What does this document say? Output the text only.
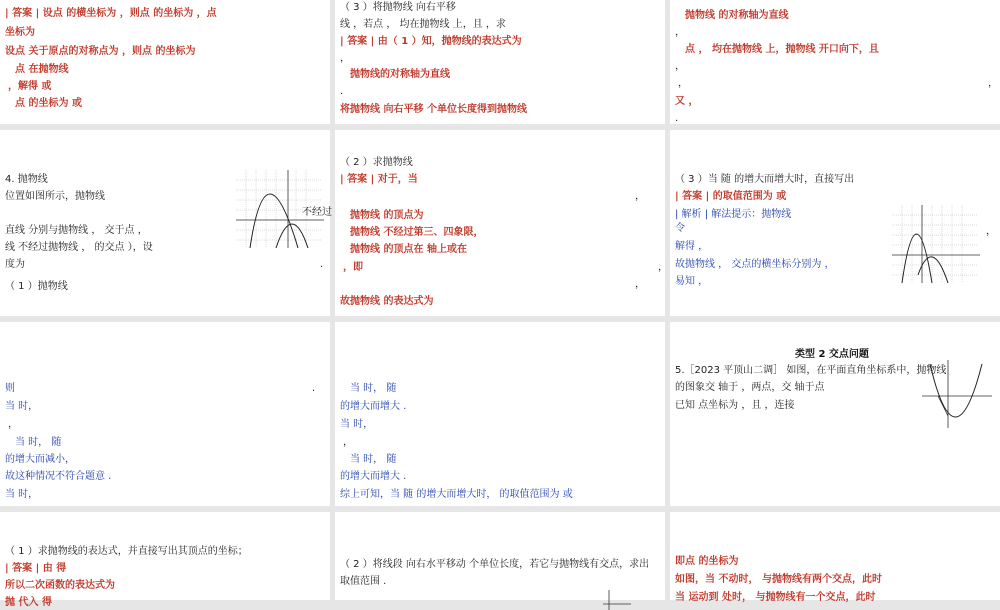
| 答案 | 设点 的横坐标为 ，则点 的坐标为 ，点
坐标为
设点 关于原点的对称点为 ，则点 的坐标为
点 在抛物线
，解得 或
点 的坐标为 或
（ 3 ）将抛物线 向右平移
线 ，若点 ， 均在抛物线 上，且 ，求
| 答案 | 由（ 1 ）知，抛物线的表达式为
，
抛物线的对称轴为直线
.
将抛物线 向右平移 个单位长度得到抛物线
抛物线 的对称轴为直线
，
点 ， 均在抛物线 上，抛物线 开口向下，且
，
，	，
又 ，
.
4. 抛物线
位置如图所示，抛物线
不经过
直线 分别与抛物线 ， 交于点 ，
线 不经过抛物线 ， 的交点 ），设
度为	.
（ 1 ）抛物线
（ 2 ）求抛物线
| 答案 | 对于，当
，
抛物线 的顶点为
抛物线 不经过第三、四象限，
抛物线 的顶点在 轴上或在
，即	，
，
故抛物线 的表达式为
（ 3 ）当 随 的增大而增大时，直接写出
| 答案 | 的取值范围为 或
| 解析 | 解法提示：抛物线
，
令
解得 ，
故抛物线 ， 交点的横坐标分别为 ，
易知 ，
则	.
当 时，
，
当 时， 随
的增大而减小，
故这种情况不符合题意 .
当 时，
当 时， 随
的增大而增大 .
当 时，
，
当 时， 随
的增大而增大 .
综上可知，当 随 的增大而增大时， 的取值范围为 或
类型 2 交点问题
5.［2023 平顶山二调］ 如图，在平面直角坐标系中，抛物线
的图象交 轴于 ，两点，交 轴于点
已知 点坐标为 ，且 ，连接
（ 1 ）求抛物线的表达式，并直接写出其顶点的坐标；
| 答案 | 由 得
所以二次函数的表达式为
抛 代入 得
（ 2 ）将线段 向右水平移动 个单位长度，若它与抛物线有交点，求出
取值范围 .
即点 的坐标为
如图，当 不动时， 与抛物线有两个交点，此时
当 运动到 处时， 与抛物线有一个交点，此时
